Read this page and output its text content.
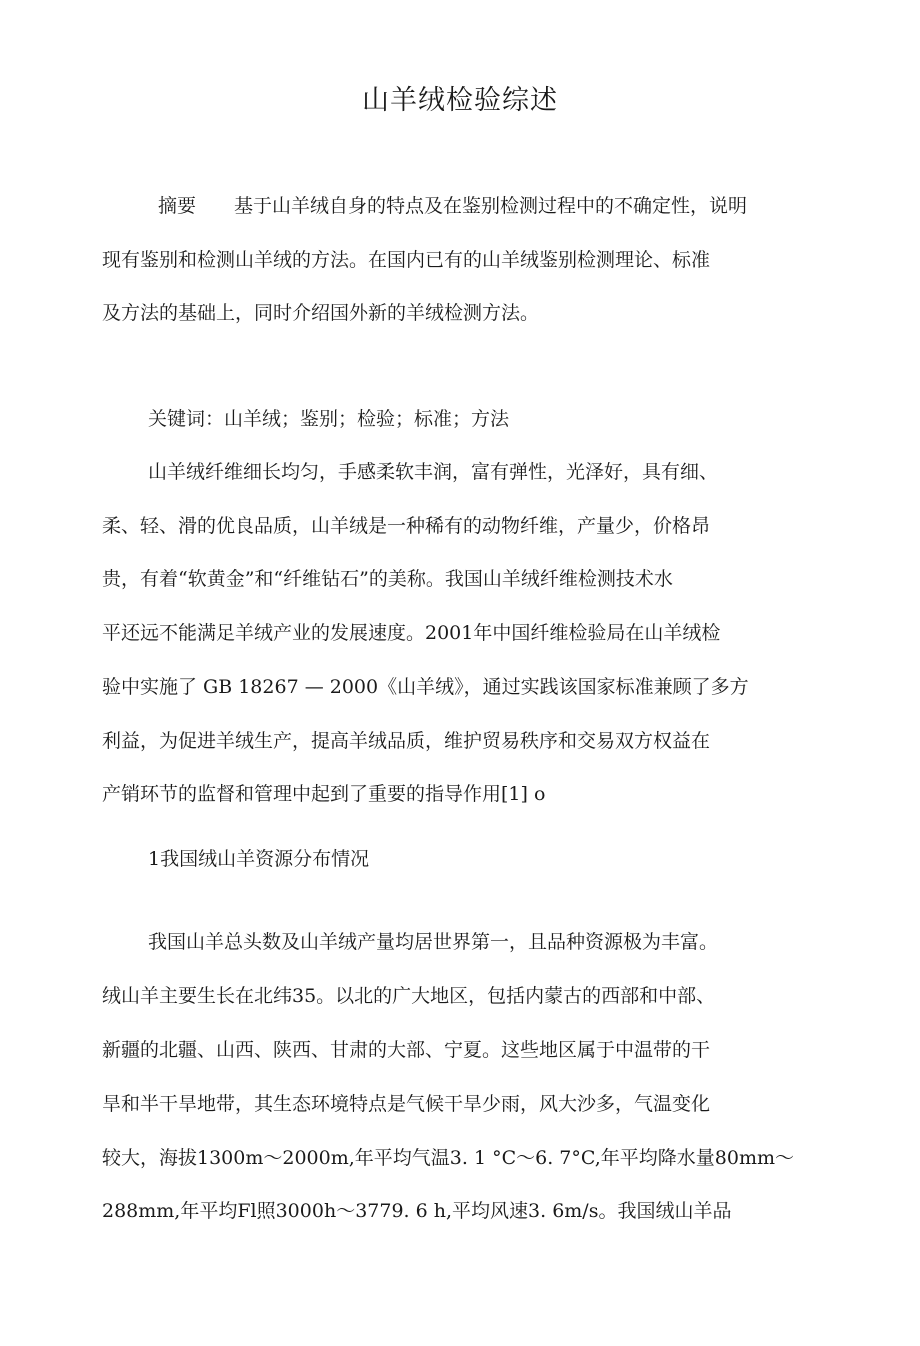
山羊绒检验综述
摘要 基于山羊绒自身的特点及在鉴别检测过程中的不确定性，说明
现有鉴别和检测山羊绒的方法。在国内已有的山羊绒鉴别检测理论、标准
及方法的基础上，同时介绍国外新的羊绒检测方法。
关键词：山羊绒；鉴别；检验；标准；方法
山羊绒纤维细长均匀，手感柔软丰润，富有弹性，光泽好，具有细、
柔、轻、滑的优良品质，山羊绒是一种稀有的动物纤维，产量少，价格昂
贵，有着“软黄金”和“纤维钻石”的美称。我国山羊绒纤维检测技术水
平还远不能满足羊绒产业的发展速度。2001年中国纤维检验局在山羊绒检
验中实施了 GB 18267 — 2000《山羊绒》，通过实践该国家标准兼顾了多方
利益，为促进羊绒生产，提高羊绒品质，维护贸易秩序和交易双方权益在
产销环节的监督和管理中起到了重要的指导作用[1] o
1我国绒山羊资源分布情况
我国山羊总头数及山羊绒产量均居世界第一，且品种资源极为丰富。
绒山羊主要生长在北纬35。以北的广大地区，包括内蒙古的西部和中部、
新疆的北疆、山西、陕西、甘肃的大部、宁夏。这些地区属于中温带的干
旱和半干旱地带，其生态环境特点是气候干旱少雨，风大沙多，气温变化
较大，海拔1300m〜2000m,年平均气温3. 1 °C〜6. 7°C,年平均降水量80mm〜
288mm,年平均Fl照3000h〜3779. 6 h,平均风速3. 6m/s。我国绒山羊品
